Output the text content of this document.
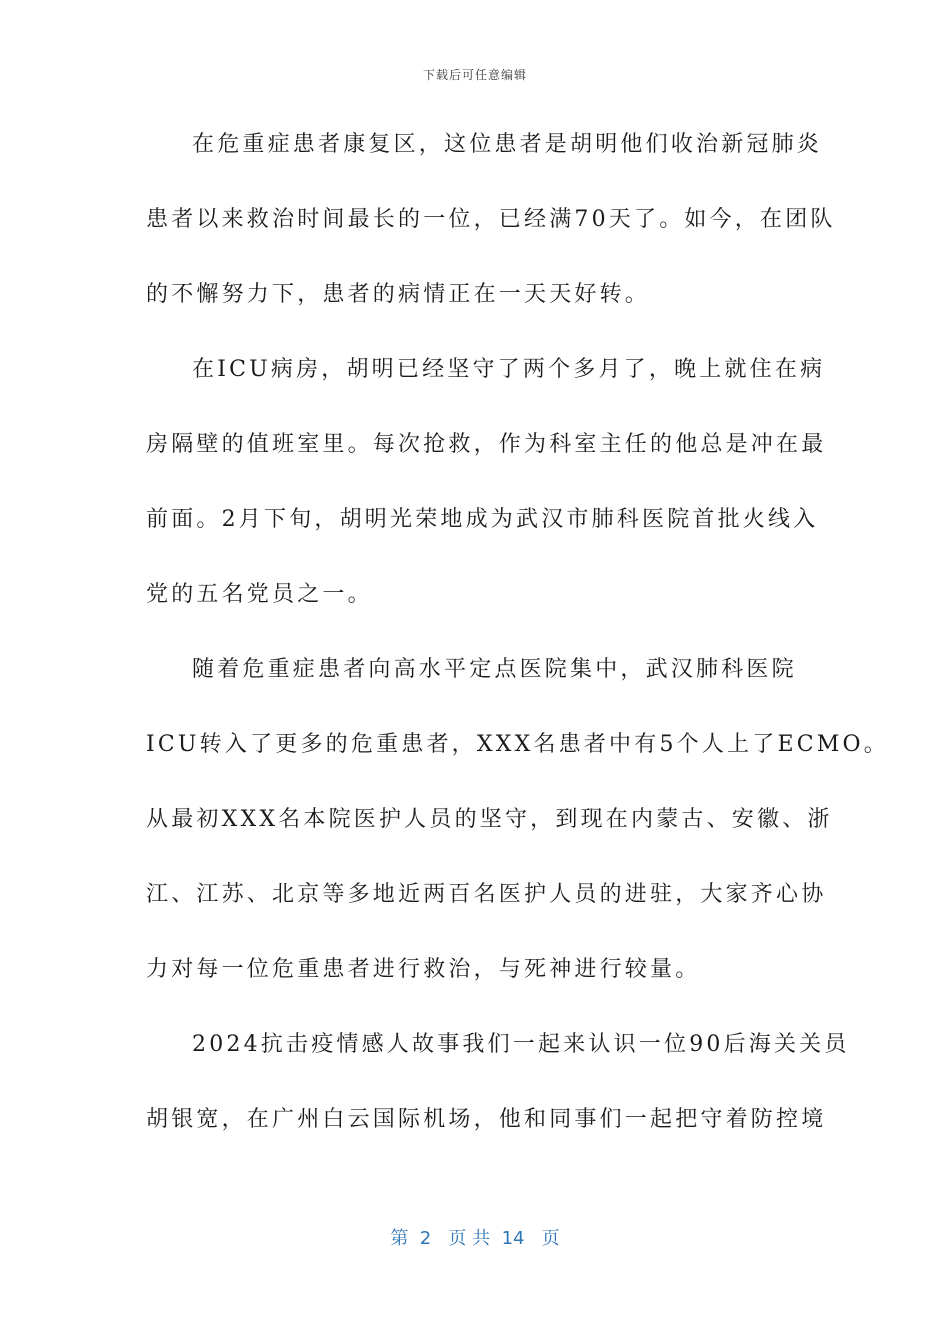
下载后可任意编辑
在危重症患者康复区，这位患者是胡明他们收治新冠肺炎
患者以来救治时间最长的一位，已经满70天了。如今，在团队
的不懈努力下，患者的病情正在一天天好转。
在ICU病房，胡明已经坚守了两个多月了，晚上就住在病
房隔壁的值班室里。每次抢救，作为科室主任的他总是冲在最
前面。2月下旬，胡明光荣地成为武汉市肺科医院首批火线入
党的五名党员之一。
随着危重症患者向高水平定点医院集中，武汉肺科医院
ICU转入了更多的危重患者，XXX名患者中有5个人上了ECMO。
从最初XXX名本院医护人员的坚守，到现在内蒙古、安徽、浙
江、江苏、北京等多地近两百名医护人员的进驻，大家齐心协
力对每一位危重患者进行救治，与死神进行较量。
2024抗击疫情感人故事我们一起来认识一位90后海关关员
胡银宽，在广州白云国际机场，他和同事们一起把守着防控境
第  2   页 共  14   页
